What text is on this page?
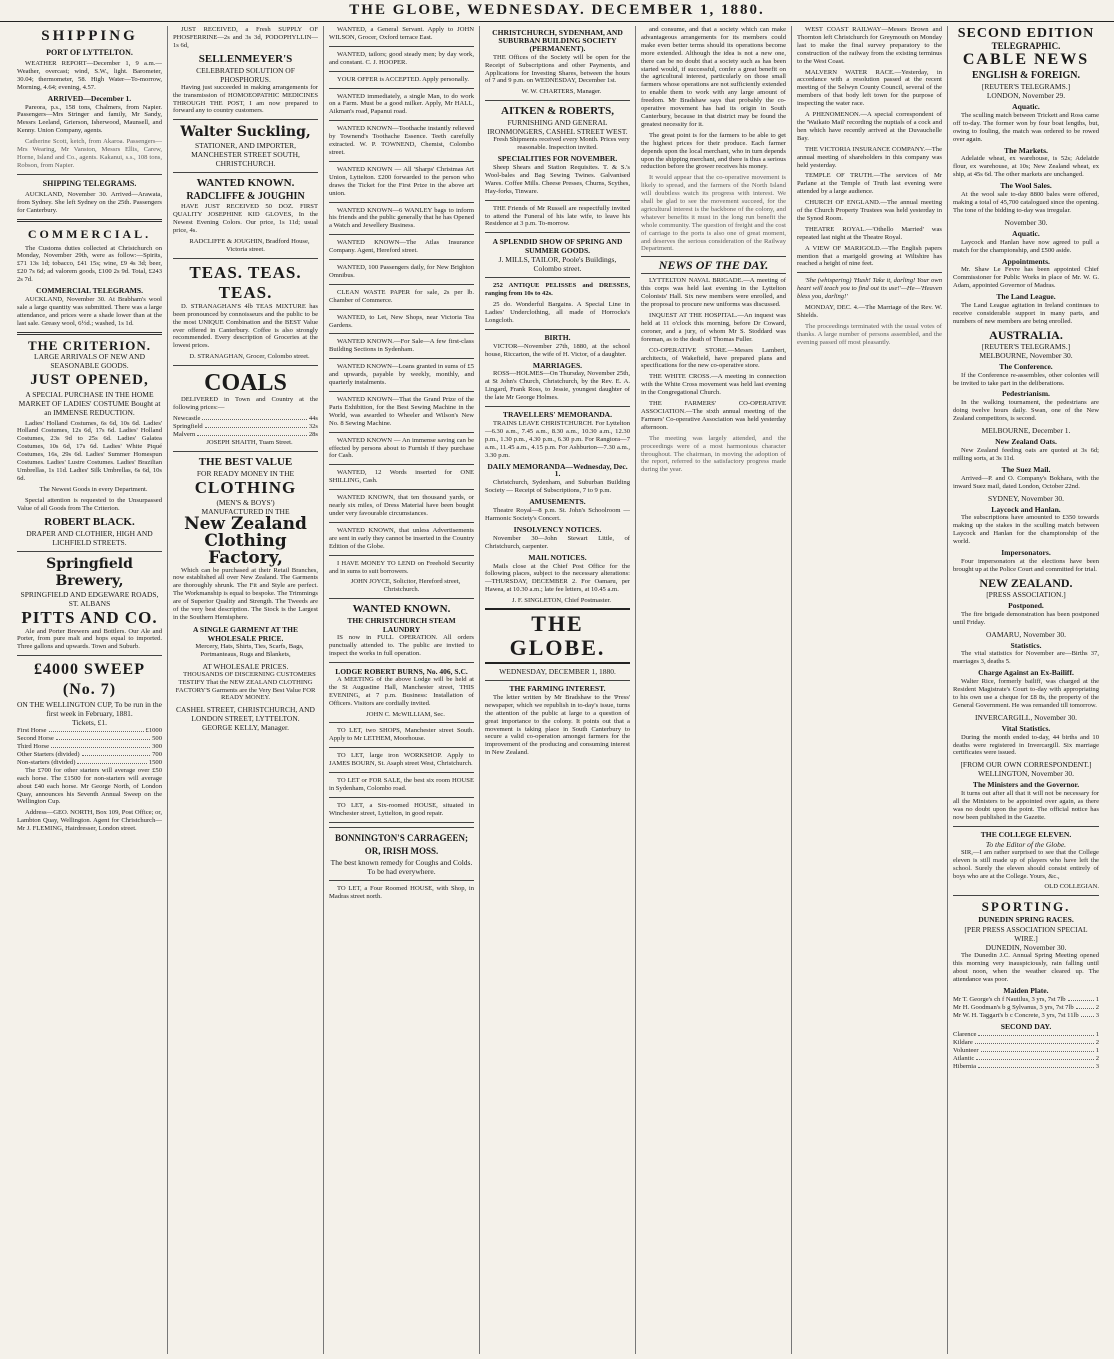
THE GLOBE, WEDNESDAY. DECEMBER 1, 1880.
SHIPPING
PORT OF LYTTELTON.

WEATHER REPORT—December 1, 9 a.m.—Weather, overcast; wind, S.W., light. Barometer, 30.04; thermometer, 58. High Water—To-morrow, Morning, 4.64; evening, 4.57.

ARRIVED—December 1.

Pareora, p.s., 158 tons, Chalmers, from Napier. Passengers—Mrs Stringer and family, Mr Sandy, Messrs Leeland, Grierson, Isherwood, Maunsell, and Kenny. Union Company, agents.

Catherine Scott, ketch, from Akaroa. Passengers—Mrs Wearing, Mr Vanston, Messrs Ellis, Carew, Horne, Island and Co., agents. Kakanui, s.s., 108 tons, Robson, from Napier.

SHIPPING TELEGRAMS.

AUCKLAND, November 30. Arrived—Arawata, from Sydney. She left Sydney on the 25th. Passengers for Canterbury.

COMMERCIAL.

The Customs duties collected at Christchurch on Monday, November 29th, were as follow:—Spirits, £71 13s 1d; tobacco, £41 15s; wine, £9 4s 3d; beer, £20 7s 6d; ad valorem goods, £100 2s 9d. Total, £243 2s 7d.

COMMERCIAL TELEGRAMS.

AUCKLAND, November 30. At Brabham's wool sale a large quantity was submitted. There was a large attendance, and prices were a shade lower than at the last sale. Greasy wool, 6½d.; washed, 1s 1d.

THE CRITERION.
LARGE ARRIVALS OF NEW AND SEASONABLE GOODS.
JUST OPENED,
A SPECIAL PURCHASE IN THE HOME MARKET OF LADIES' COSTUME Bought at an IMMENSE REDUCTION.

Ladies' Holland Costumes, 6s 6d, 10s 6d. Ladies' Holland Costumes, 12s 6d, 17s 6d. Ladies' Holland Costumes, 23s 9d to 25s 6d. Ladies' Galatea Costumes, 10s 6d, 17s 6d. Ladies' White Piqué Costumes, 16s, 29s 6d. Ladies' Summer Homespun Costumes. Ladies' Lustre Costumes. Ladies' Brazilian Umbrellas, 1s 11d. Ladies' Silk Umbrellas, 6s 6d, 10s 6d.

The Newest Goods in every Department.

Special attention is requested to the Unsurpassed Value of all Goods from The Criterion.

ROBERT BLACK.
DRAPER AND CLOTHIER, HIGH AND LICHFIELD STREETS.
Springfield Brewery,
SPRINGFIELD AND EDGEWARE ROADS, ST. ALBANS
PITTS AND CO.

Ale and Porter Brewers and Bottlers. Our Ale and Porter, from pure malt and hops equal to imported. Three gallons and upwards. Town and Suburb.

£4000 SWEEP (No. 7)
ON THE WELLINGTON CUP, To be run in the first week in February, 1881.
Tickets, £1.
First Horse	£1000
Second Horse	500
Third Horse	300
Other Starters (divided)	700
Non-starters (divided)	1500

The £700 for other starters will average over £50 each horse. The £1500 for non-starters will average about £40 each horse. Mr George North, of London Quay, announces his Seventh Annual Sweep on the Wellington Cup.

Address—GEO. NORTH, Box 109, Post Office; or, Lambton Quay, Wellington. Agent for Christchurch—Mr J. FLEMING, Hairdresser, London street.

JUST RECEIVED, a Fresh SUPPLY OF PHOSFERRINE—2s and 3s 3d, PODOPHYLLIN—1s 6d,

SELLENMEYER'S
CELEBRATED SOLUTION OF PHOSPHORUS.

Having just succeeded in making arrangements for the transmission of HOMOEOPATHIC MEDICINES THROUGH THE POST, I am now prepared to forward any to country customers.

Walter Suckling,
STATIONER, AND IMPORTER, MANCHESTER STREET SOUTH, CHRISTCHURCH.
WANTED KNOWN.
RADCLIFFE & JOUGHIN

HAVE JUST RECEIVED 50 DOZ. FIRST QUALITY JOSEPHINE KID GLOVES, In the Newest Evening Colors. Our price, 1s 11d; usual price, 4s.

RADCLIFFE & JOUGHIN, Bradford House, Victoria street.

TEAS. TEAS. TEAS.

D. STRANAGHAN'S 4lb TEAS MIXTURE has been pronounced by connoisseurs and the public to be the most UNIQUE Combination and the BEST Value ever offered in Canterbury. Coffee is also strongly recommended. Every description of Groceries at the lowest prices.

D. STRANAGHAN, Grocer, Colombo street.

COALS

DELIVERED in Town and Country at the following prices:—

Newcastle	44s
Springfield	32s
Malvern	28s

JOSEPH SHAITH, Tuam Street.

THE BEST VALUE
FOR READY MONEY IN THE
CLOTHING
(MEN'S & BOYS')
MANUFACTURED IN THE
New Zealand
Clothing Factory,

Which can be purchased at their Retail Branches, now established all over New Zealand. The Garments are thoroughly shrunk. The Fit and Style are perfect. The Workmanship is equal to bespoke. The Trimmings are of Superior Quality and Strength. The Tweeds are of the very best description. The Stock is the Largest in the Southern Hemisphere.

A SINGLE GARMENT AT THE WHOLESALE PRICE.

Mercery, Hats, Shirts, Ties, Scarfs, Bags, Portmanteaus, Rugs and Blankets,

AT WHOLESALE PRICES.

THOUSANDS OF DISCERNING CUSTOMERS TESTIFY That the NEW ZEALAND CLOTHING FACTORY'S Garments are the Very Best Value FOR READY MONEY.

CASHEL STREET, CHRISTCHURCH, AND LONDON STREET, LYTTELTON.
GEORGE KELLY, Manager.

WANTED, a General Servant. Apply to JOHN WILSON, Grocer, Oxford terrace East.

WANTED, tailors; good steady men; by day work, and constant. C. J. HOOPER.

YOUR OFFER is ACCEPTED. Apply personally.

WANTED immediately, a single Man, to do work on a Farm. Must be a good milker. Apply, Mr HALL, Aikman's road, Papanui road.

WANTED KNOWN—Toothache instantly relieved by Townend's Toothache Essence. Teeth carefully extracted. W. P. TOWNEND, Chemist, Colombo street.

WANTED KNOWN — All 'Sharps' Christmas Art Union, Lyttelton. £200 forwarded to the person who draws the Ticket for the First Prize in the above art union.

WANTED KNOWN—6 WANLEY bags to inform his friends and the public generally that he has Opened a Watch and Jewellery Business.

WANTED KNOWN—The Atlas Insurance Company. Agent, Hereford street.

WANTED, 100 Passengers daily, for New Brighton Omnibus.

CLEAN WASTE PAPER for sale, 2s per lb. Chamber of Commerce.

WANTED, to Let, New Shops, near Victoria Tea Gardens.

WANTED KNOWN.—For Sale—A few first-class Building Sections in Sydenham.

WANTED KNOWN—Loans granted in sums of £5 and upwards, payable by weekly, monthly, and quarterly instalments.

WANTED KNOWN—That the Grand Prize of the Paris Exhibition, for the Best Sewing Machine in the World, was awarded to Wheeler and Wilson's New No. 8 Sewing Machine.

WANTED KNOWN — An immense saving can be effected by persons about to Furnish if they purchase for Cash.

WANTED, 12 Words inserted for ONE SHILLING, Cash.

WANTED KNOWN, that ten thousand yards, or nearly six miles, of Dress Material have been bought under very favourable circumstances.

WANTED KNOWN, that unless Advertisements are sent in early they cannot be inserted in the Country Edition of the Globe.

I HAVE MONEY TO LEND on Freehold Security and in sums to suit borrowers.

JOHN JOYCE, Solicitor, Hereford street, Christchurch.

WANTED KNOWN.
THE CHRISTCHURCH STEAM LAUNDRY

IS now in FULL OPERATION. All orders punctually attended to. The public are invited to inspect the works in full operation.

LODGE ROBERT BURNS, No. 406, S.C.

A MEETING of the above Lodge will be held at the St Augustine Hall, Manchester street, THIS EVENING, at 7 p.m. Business: Installation of Officers. Visitors are cordially invited.

JOHN C. McWILLIAM, Sec.

TO LET, two SHOPS, Manchester street South. Apply to Mr LETHEM, Moorhouse.

TO LET, large iron WORKSHOP. Apply to JAMES BOURN, St. Asaph street West, Christchurch.

TO LET or FOR SALE, the best six room HOUSE in Sydenham, Colombo road.

TO LET, a Six-roomed HOUSE, situated in Winchester street, Lyttelton, in good repair.

BONNINGTON'S CARRAGEEN; OR, IRISH MOSS.
The best known remedy for Coughs and Colds. To be had everywhere.

TO LET, a Four Roomed HOUSE, with Shop, in Madras street north.

CHRISTCHURCH, SYDENHAM, AND SUBURBAN BUILDING SOCIETY (PERMANENT).

THE Offices of the Society will be open for the Receipt of Subscriptions and other Payments, and Applications for Investing Shares, between the hours of 7 and 9 p.m. on WEDNESDAY, December 1st.

W. W. CHARTERS, Manager.

AITKEN & ROBERTS,
FURNISHING AND GENERAL IRONMONGERS, CASHEL STREET WEST.

Fresh Shipments received every Month. Prices very reasonable. Inspection invited.

SPECIALITIES FOR NOVEMBER.

Sheep Shears and Station Requisites. T. & S.'s Wool-bales and Bag Sewing Twines. Galvanised Wares. Coffee Mills. Cheese Presses, Churns, Scythes, Hay-forks, Tinware.

THE Friends of Mr Russell are respectfully invited to attend the Funeral of his late wife, to leave his Residence at 3 p.m. To-morrow.

A SPLENDID SHOW OF SPRING AND SUMMER GOODS.
J. MILLS, TAILOR, Poole's Buildings, Colombo street.

252 ANTIQUE PELISSES and DRESSES, ranging from 10s to 42s.

25 do. Wonderful Bargains. A Special Line in Ladies' Underclothing, all made of Horrocks's Longcloth.

BIRTH.

VICTOR—November 27th, 1880, at the school house, Riccarton, the wife of H. Victor, of a daughter.

MARRIAGES.

ROSS—HOLMES—On Thursday, November 25th, at St John's Church, Christchurch, by the Rev. E. A. Lingard, Frank Ross, to Jessie, youngest daughter of the late Mr George Holmes.

TRAVELLERS' MEMORANDA.

TRAINS LEAVE CHRISTCHURCH. For Lyttelton—6.30 a.m., 7.45 a.m., 8.30 a.m., 10.30 a.m., 12.30 p.m., 1.30 p.m., 4.30 p.m., 6.30 p.m. For Rangiora—7 a.m., 11.45 a.m., 4.15 p.m. For Ashburton—7.30 a.m., 3.30 p.m.

DAILY MEMORANDA—Wednesday, Dec. 1.

Christchurch, Sydenham, and Suburban Building Society — Receipt of Subscriptions, 7 to 9 p.m.

AMUSEMENTS.

Theatre Royal—8 p.m. St. John's Schoolroom — Harmonic Society's Concert.

INSOLVENCY NOTICES.

November 30—John Stewart Little, of Christchurch, carpenter.

MAIL NOTICES.

Mails close at the Chief Post Office for the following places, subject to the necessary alterations:—THURSDAY, DECEMBER 2. For Oamaru, per Hawea, at 10.30 a.m.; late fee letters, at 10.45 a.m.

J. F. SINGLETON, Chief Postmaster.

THE GLOBE.
WEDNESDAY, DECEMBER 1, 1880.
THE FARMING INTEREST.

The letter written by Mr Bradshaw to the 'Press' newspaper, which we republish in to-day's issue, turns the attention of the public at large to a question of great importance to the colony. It points out that a movement is taking place in South Canterbury to secure a valid co-operation amongst farmers for the improvement of the producing and consuming interest in New Zealand.

and consume, and that a society which can make advantageous arrangements for its members could make even better terms should its operations become more extended. Although the idea is not a new one, there can be no doubt that a society such as has been started would, if successful, confer a great benefit on the agricultural interest, particularly on those small farmers whose operations are not sufficiently extended to enable them to work with any large amount of freedom. Mr Bradshaw says that probably the co-operative movement has had its origin in South Canterbury, because in that district may be found the greatest necessity for it.

The great point is for the farmers to be able to get the highest prices for their produce. Each farmer depends upon the local merchant, who in turn depends upon the shipping merchant, and there is thus a serious reduction before the grower receives his money.

It would appear that the co-operative movement is likely to spread, and the farmers of the North Island will doubtless watch its progress with interest. We shall be glad to see the movement succeed, for the agricultural interest is the backbone of the colony, and whatever benefits it must in the long run benefit the whole community. The question of freight and the cost of carriage to the ports is also one of great moment, and deserves the serious consideration of the Railway Department.

NEWS OF THE DAY.

LYTTELTON NAVAL BRIGADE.—A meeting of this corps was held last evening in the Lyttelton Colonists' Hall. Six new members were enrolled, and the proposal to procure new uniforms was discussed.

INQUEST AT THE HOSPITAL.—An inquest was held at 11 o'clock this morning, before Dr Coward, coroner, and a jury, of whom Mr S. Stoddard was foreman, as to the death of Thomas Fuller.

CO-OPERATIVE STORE.—Messrs Lambert, architects, of Wakefield, have prepared plans and specifications for the new co-operative store.

THE WHITE CROSS.—A meeting in connection with the White Cross movement was held last evening in the Congregational Church.

THE FARMERS' CO-OPERATIVE ASSOCIATION.—The sixth annual meeting of the Farmers' Co-operative Association was held yesterday afternoon.

The meeting was largely attended, and the proceedings were of a most harmonious character throughout. The chairman, in moving the adoption of the report, referred to the satisfactory progress made during the year.

WEST COAST RAILWAY—Messrs Brown and Thornton left Christchurch for Greymouth on Monday last to make the final survey preparatory to the construction of the railway from the existing terminus to the West Coast.

MALVERN WATER RACE.—Yesterday, in accordance with a resolution passed at the recent meeting of the Selwyn County Council, several of the members of that body left town for the purpose of inspecting the water race.

A PHENOMENON.—A special correspondent of the 'Waikato Mail' recording the nuptials of a cock and hen which have recently arrived at the Duvauchelle Bay.

THE VICTORIA INSURANCE COMPANY.—The annual meeting of shareholders in this company was held yesterday.

TEMPLE OF TRUTH.—The services of Mr Parlane at the Temple of Truth last evening were attended by a large audience.

CHURCH OF ENGLAND.—The annual meeting of the Church Property Trustees was held yesterday in the Synod Room.

THEATRE ROYAL.—'Othello Married' was repeated last night at the Theatre Royal.

A VIEW OF MARIGOLD.—The English papers mention that a marigold growing at Wiltshire has reached a height of nine feet.

'She (whispering) 'Hush! Take it, darling! Your own heart will teach you to find out its use!'—He—'Heaven bless you, darling!'

MONDAY, DEC. 4.—The Marriage of the Rev. W. Shields.

The proceedings terminated with the usual votes of thanks. A large number of persons assembled, and the evening passed off most pleasantly.

SECOND EDITION
TELEGRAPHIC.
CABLE NEWS
ENGLISH & FOREIGN.
[REUTER'S TELEGRAMS.]
LONDON, November 29.
Aquatic.

The sculling match between Trickett and Ross came off to-day. The former won by four boat lengths, but, owing to fouling, the match was ordered to be rowed over again.

The Markets.

Adelaide wheat, ex warehouse, is 52s; Adelaide flour, ex warehouse, at 10s; New Zealand wheat, ex ship, at 45s 6d. The other markets are unchanged.

The Wool Sales.

At the wool sale to-day 8800 bales were offered, making a total of 45,700 catalogued since the opening. The tone of the bidding to-day was irregular.

November 30.
Aquatic.

Laycock and Hanlan have now agreed to pull a match for the championship, and £500 aside.

Appointments.

Mr. Shaw Le Fevre has been appointed Chief Commissioner for Public Works in place of Mr. W. G. Adam, appointed Governor of Madras.

The Land League.

The Land League agitation in Ireland continues to receive considerable support in many parts, and numbers of new members are being enrolled.

AUSTRALIA.
[REUTER'S TELEGRAMS.]
MELBOURNE, November 30.
The Conference.

If the Conference re-assembles, other colonies will be invited to take part in the deliberations.

Pedestrianism.

In the walking tournament, the pedestrians are doing twelve hours daily. Swan, one of the New Zealand competitors, is second.

MELBOURNE, December 1.
New Zealand Oats.

New Zealand feeding oats are quoted at 3s 6d; milling sorts, at 3s 11d.

The Suez Mail.

Arrived—P. and O. Company's Bokhara, with the inward Suez mail, dated London, October 22nd.

SYDNEY, November 30.
Laycock and Hanlan.

The subscriptions have amounted to £350 towards making up the stakes in the sculling match between Laycock and Hanlan for the championship of the world.

Impersonators.

Four impersonators at the elections have been brought up at the Police Court and committed for trial.

NEW ZEALAND.
[PRESS ASSOCIATION.]
Postponed.

The fire brigade demonstration has been postponed until Friday.

OAMARU, November 30.
Statistics.

The vital statistics for November are—Births 37, marriages 3, deaths 5.

Charge Against an Ex-Bailiff.

Walter Rice, formerly bailiff, was charged at the Resident Magistrate's Court to-day with appropriating to his own use a cheque for £8 8s, the property of the General Government. He was remanded till tomorrow.

INVERCARGILL, November 30.
Vital Statistics.

During the month ended to-day, 44 births and 10 deaths were registered in Invercargill. Six marriage certificates were issued.

[FROM OUR OWN CORRESPONDENT.]
WELLINGTON, November 30.
The Ministers and the Governor.

It turns out after all that it will not be necessary for all the Ministers to be appointed over again, as there was no doubt upon the point. The official notice has now been published in the Gazette.

THE COLLEGE ELEVEN.
To the Editor of the Globe.

SIR,—I am rather surprised to see that the College eleven is still made up of players who have left the school. Surely the eleven should consist entirely of boys who are at the College. Yours, &c.,

OLD COLLEGIAN.

SPORTING.
DUNEDIN SPRING RACES.
[PER PRESS ASSOCIATION SPECIAL WIRE.]
DUNEDIN, November 30.

The Dunedin J.C. Annual Spring Meeting opened this morning very inauspiciously, rain falling until about noon, when the weather cleared up. The attendance was poor.

Maiden Plate.
Mr T. George's ch f Nautilus, 3 yrs, 7st 7lb	1
Mr H. Goodman's b g Sylvanus, 3 yrs, 7st 7lb	2
Mr W. H. Taggart's b c Concrete, 3 yrs, 7st 11lb	3
SECOND DAY.
Clarence	1
Kildare	2
Volunteer	1
Atlantic	2
Hibernia	3
